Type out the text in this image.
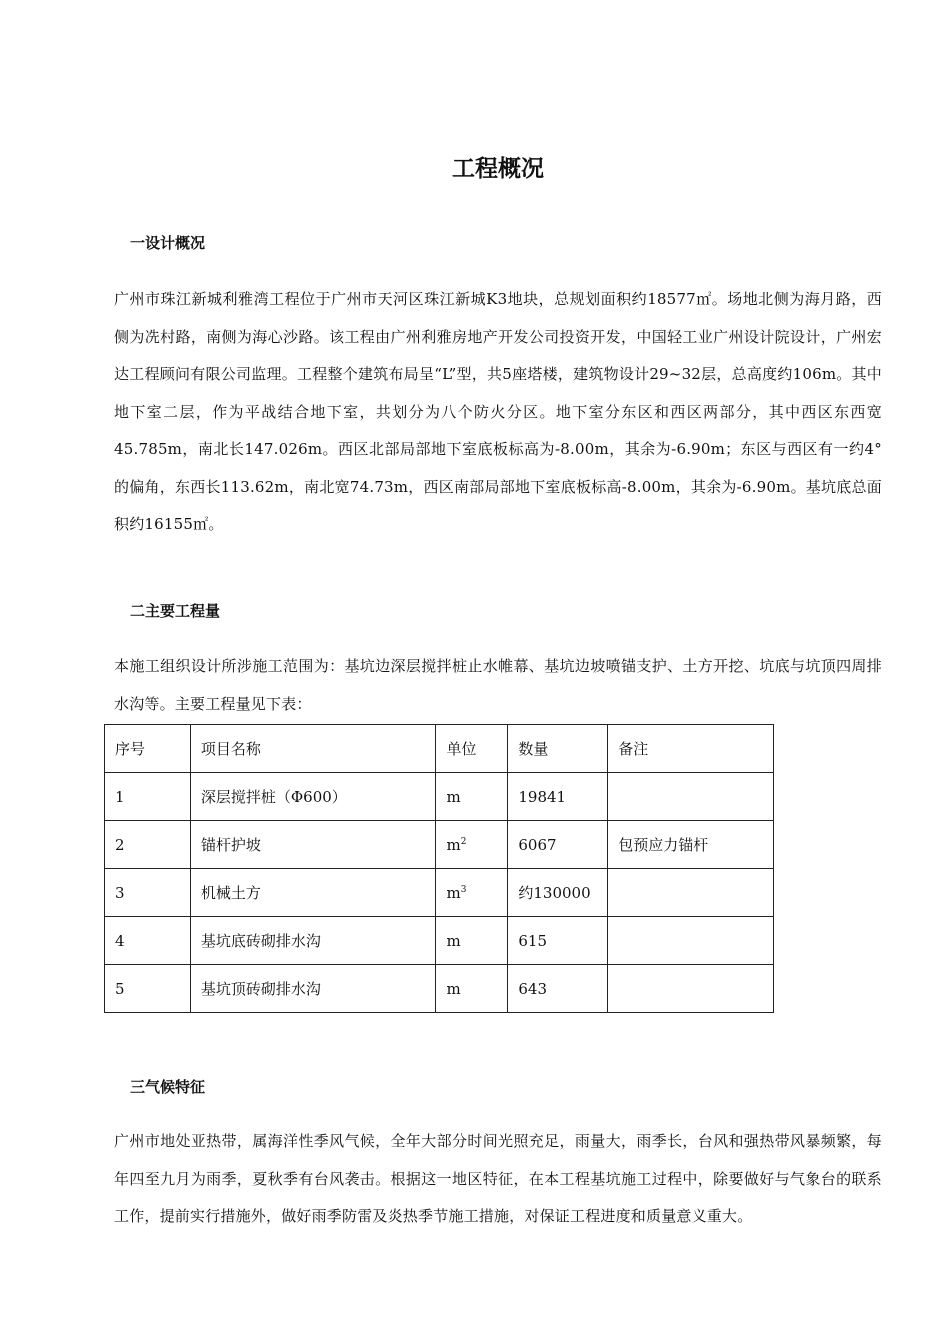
工程概况
一设计概况

广州市珠江新城利雅湾工程位于广州市天河区珠江新城K3地块，总规划面积约18577㎡。场地北侧为海月路，西侧为冼村路，南侧为海心沙路。该工程由广州利雅房地产开发公司投资开发，中国轻工业广州设计院设计，广州宏达工程顾问有限公司监理。工程整个建筑布局呈“L”型，共5座塔楼，建筑物设计29~32层，总高度约106m。其中地下室二层，作为平战结合地下室，共划分为八个防火分区。地下室分东区和西区两部分，其中西区东西宽45.785m，南北长147.026m。西区北部局部地下室底板标高为-8.00m，其余为-6.90m；东区与西区有一约4°的偏角，东西长113.62m，南北宽74.73m，西区南部局部地下室底板标高-8.00m，其余为-6.90m。基坑底总面积约16155㎡。

二主要工程量

本施工组织设计所涉施工范围为：基坑边深层搅拌桩止水帷幕、基坑边坡喷锚支护、土方开挖、坑底与坑顶四周排水沟等。主要工程量见下表：

序号	项目名称	单位	数量	备注
1	深层搅拌桩（Φ600）	m	19841	
2	锚杆护坡	$m^2$	6067	包预应力锚杆
3	机械土方	$m^3$	约130000	
4	基坑底砖砌排水沟	m	615	
5	基坑顶砖砌排水沟	m	643	
三气候特征

广州市地处亚热带，属海洋性季风气候，全年大部分时间光照充足，雨量大，雨季长，台风和强热带风暴频繁，每年四至九月为雨季，夏秋季有台风袭击。根据这一地区特征，在本工程基坑施工过程中，除要做好与气象台的联系工作，提前实行措施外，做好雨季防雷及炎热季节施工措施，对保证工程进度和质量意义重大。
